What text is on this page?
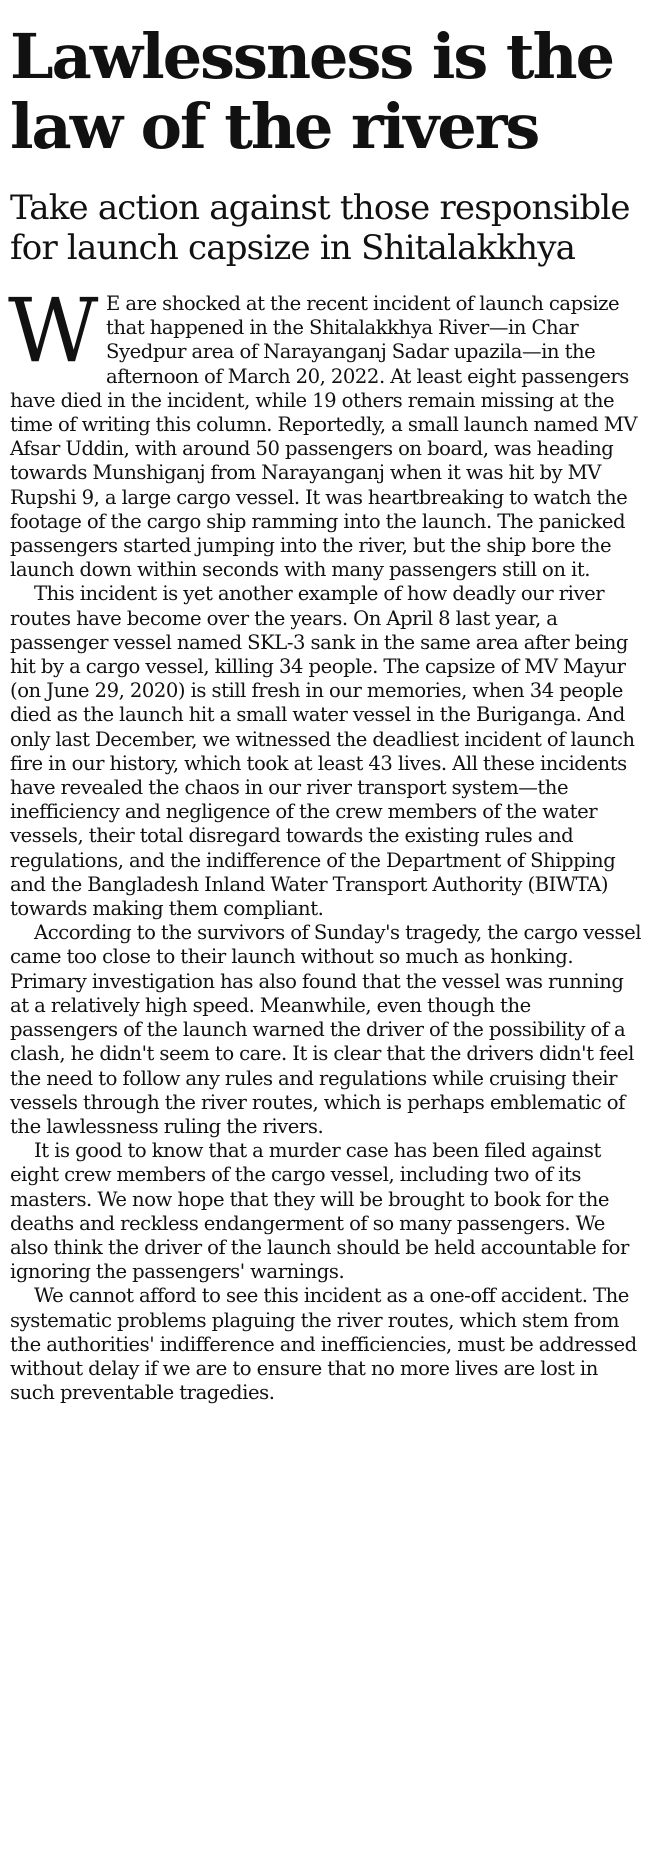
Lawlessness is the law of the rivers
Take action against those responsible for launch capsize in Shitalakkhya

W E are shocked at the recent incident of launch capsize that happened in the Shitalakkhya River—in Char Syedpur area of Narayanganj Sadar upazila—in the afternoon of March 20, 2022. At least eight passengers have died in the incident, while 19 others remain missing at the time of writing this column. Reportedly, a small launch named MV Afsar Uddin, with around 50 passengers on board, was heading towards Munshiganj from Narayanganj when it was hit by MV Rupshi 9, a large cargo vessel. It was heartbreaking to watch the footage of the cargo ship ramming into the launch. The panicked passengers started jumping into the river, but the ship bore the launch down within seconds with many passengers still on it.

This incident is yet another example of how deadly our river routes have become over the years. On April 8 last year, a passenger vessel named SKL-3 sank in the same area after being hit by a cargo vessel, killing 34 people. The capsize of MV Mayur (on June 29, 2020) is still fresh in our memories, when 34 people died as the launch hit a small water vessel in the Buriganga. And only last December, we witnessed the deadliest incident of launch fire in our history, which took at least 43 lives. All these incidents have revealed the chaos in our river transport system—the inefficiency and negligence of the crew members of the water vessels, their total disregard towards the existing rules and regulations, and the indifference of the Department of Shipping and the Bangladesh Inland Water Transport Authority (BIWTA) towards making them compliant.

According to the survivors of Sunday's tragedy, the cargo vessel came too close to their launch without so much as honking. Primary investigation has also found that the vessel was running at a relatively high speed. Meanwhile, even though the passengers of the launch warned the driver of the possibility of a clash, he didn't seem to care. It is clear that the drivers didn't feel the need to follow any rules and regulations while cruising their vessels through the river routes, which is perhaps emblematic of the lawlessness ruling the rivers.

It is good to know that a murder case has been filed against eight crew members of the cargo vessel, including two of its masters. We now hope that they will be brought to book for the deaths and reckless endangerment of so many passengers. We also think the driver of the launch should be held accountable for ignoring the passengers' warnings.

We cannot afford to see this incident as a one-off accident. The systematic problems plaguing the river routes, which stem from the authorities' indifference and inefficiencies, must be addressed without delay if we are to ensure that no more lives are lost in such preventable tragedies.
